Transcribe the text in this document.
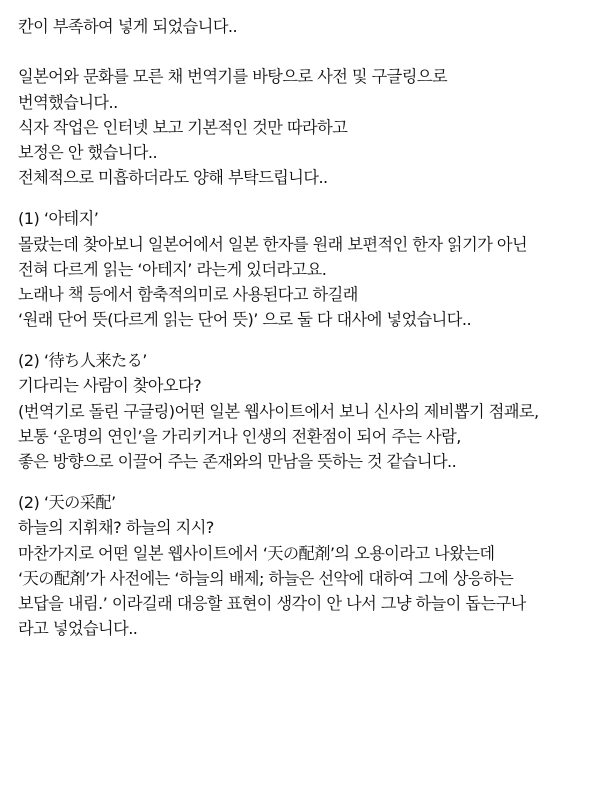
칸이 부족하여 넣게 되었습니다..
일본어와 문화를 모른 채 번역기를 바탕으로 사전 및 구글링으로
번역했습니다..
식자 작업은 인터넷 보고 기본적인 것만 따라하고
보정은 안 했습니다..
전체적으로 미흡하더라도 양해 부탁드립니다..
(1) ‘아테지’
몰랐는데 찾아보니 일본어에서 일본 한자를 원래 보편적인 한자 읽기가 아닌
전혀 다르게 읽는 ‘아테지’ 라는게 있더라고요.
노래나 책 등에서 함축적의미로 사용된다고 하길래
‘원래 단어 뜻(다르게 읽는 단어 뜻)’ 으로 둘 다 대사에 넣었습니다..
(2) ‘待ち人来たる’
기다리는 사람이 찾아오다?
(번역기로 돌린 구글링)어떤 일본 웹사이트에서 보니 신사의 제비뽑기 점괘로,
보통 ‘운명의 연인’을 가리키거나 인생의 전환점이 되어 주는 사람,
좋은 방향으로 이끌어 주는 존재와의 만남을 뜻하는 것 같습니다..
(2) ‘天の采配’
하늘의 지휘채? 하늘의 지시?
마찬가지로 어떤 일본 웹사이트에서 ‘天の配剤’의 오용이라고 나왔는데
‘天の配剤’가 사전에는 ‘하늘의 배제; 하늘은 선악에 대하여 그에 상응하는
보답을 내림.’ 이라길래 대응할 표현이 생각이 안 나서 그냥 하늘이 돕는구나
라고 넣었습니다..
